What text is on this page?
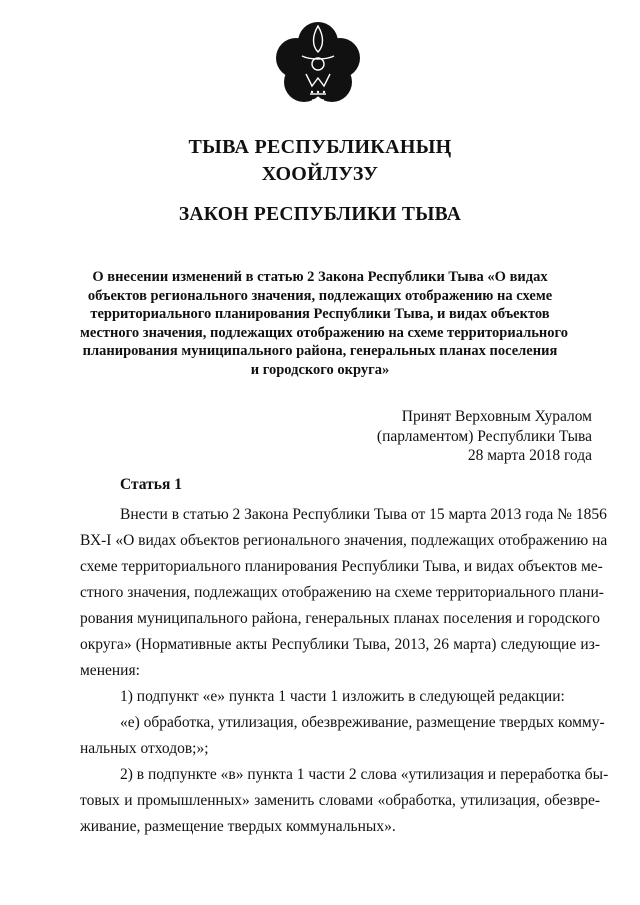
ТЫВА РЕСПУБЛИКАНЫҢ
ХООЙЛУЗУ
ЗАКОН РЕСПУБЛИКИ ТЫВА

О внесении изменений в статью 2 Закона Республики Тыва «О видах
объектов регионального значения, подлежащих отображению на схеме
территориального планирования Республики Тыва, и видах объектов
местного значения, подлежащих отображению на схеме территориального
планирования муниципального района, генеральных планах поселения
и городского округа»

Принят Верховным Хуралом
(парламентом) Республики Тыва
28 марта 2018 года
Статья 1
Внести в статью 2 Закона Республики Тыва от 15 марта 2013 года № 1856
ВХ-I «О видах объектов регионального значения, подлежащих отображению на
схеме территориального планирования Республики Тыва, и видах объектов ме-
стного значения, подлежащих отображению на схеме территориального плани-
рования муниципального района, генеральных планах поселения и городского
округа» (Нормативные акты Республики Тыва, 2013, 26 марта) следующие из-
менения:
1) подпункт «е» пункта 1 части 1 изложить в следующей редакции:
«е) обработка, утилизация, обезвреживание, размещение твердых комму-
нальных отходов;»;
2) в подпункте «в» пункта 1 части 2 слова «утилизация и переработка бы-
товых и промышленных» заменить словами «обработка, утилизация, обезвре-
живание, размещение твердых коммунальных».
